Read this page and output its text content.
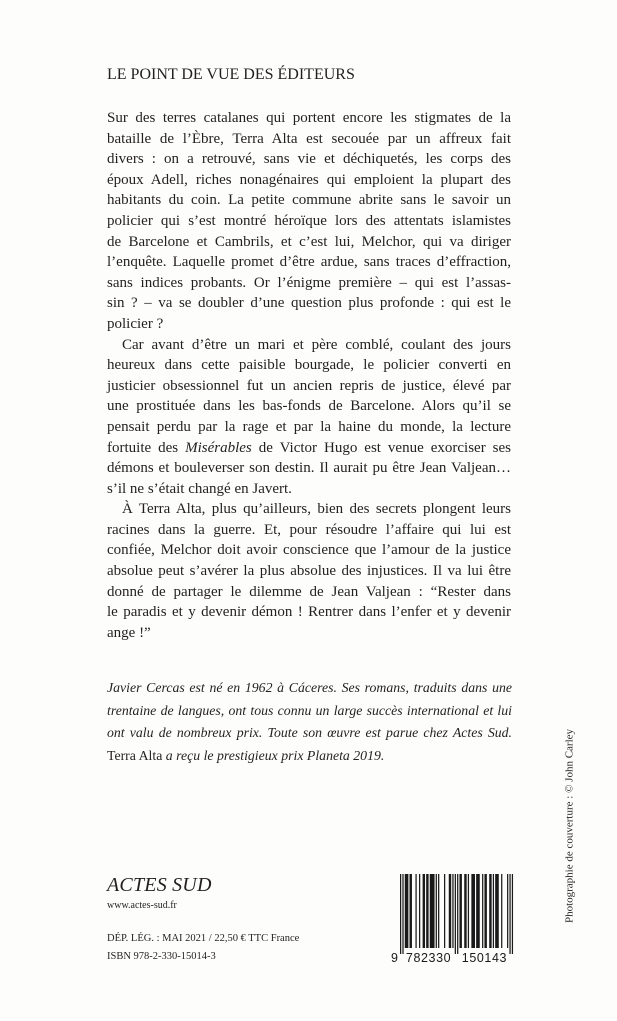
LE POINT DE VUE DES ÉDITEURS
Sur des terres catalanes qui portent encore les stigmates de la
bataille de l’Èbre, Terra Alta est secouée par un affreux fait
divers : on a retrouvé, sans vie et déchiquetés, les corps des
époux Adell, riches nonagénaires qui emploient la plupart des
habitants du coin. La petite commune abrite sans le savoir un
policier qui s’est montré héroïque lors des attentats islamistes
de Barcelone et Cambrils, et c’est lui, Melchor, qui va diriger
l’enquête. Laquelle promet d’être ardue, sans traces d’effraction,
sans indices probants. Or l’énigme première – qui est l’assas-
sin ? – va se doubler d’une question plus profonde : qui est le
policier ?
Car avant d’être un mari et père comblé, coulant des jours
heureux dans cette paisible bourgade, le policier converti en
justicier obsessionnel fut un ancien repris de justice, élevé par
une prostituée dans les bas-fonds de Barcelone. Alors qu’il se
pensait perdu par la rage et par la haine du monde, la lecture
fortuite des Misérables de Victor Hugo est venue exorciser ses
démons et bouleverser son destin. Il aurait pu être Jean Valjean…
s’il ne s’était changé en Javert.
À Terra Alta, plus qu’ailleurs, bien des secrets plongent leurs
racines dans la guerre. Et, pour résoudre l’affaire qui lui est
confiée, Melchor doit avoir conscience que l’amour de la justice
absolue peut s’avérer la plus absolue des injustices. Il va lui être
donné de partager le dilemme de Jean Valjean : “Rester dans
le paradis et y devenir démon ! Rentrer dans l’enfer et y devenir
ange !”
Javier Cercas est né en 1962 à Cáceres. Ses romans, traduits dans une
trentaine de langues, ont tous connu un large succès international et lui
ont valu de nombreux prix. Toute son œuvre est parue chez Actes Sud.
Terra Alta a reçu le prestigieux prix Planeta 2019.
ACTES SUD
www.actes-sud.fr
DÉP. LÉG. : MAI 2021 / 22,50 € TTC France
ISBN 978-2-330-15014-3	9 782330 150143
Photographie de couverture : © John Carley
